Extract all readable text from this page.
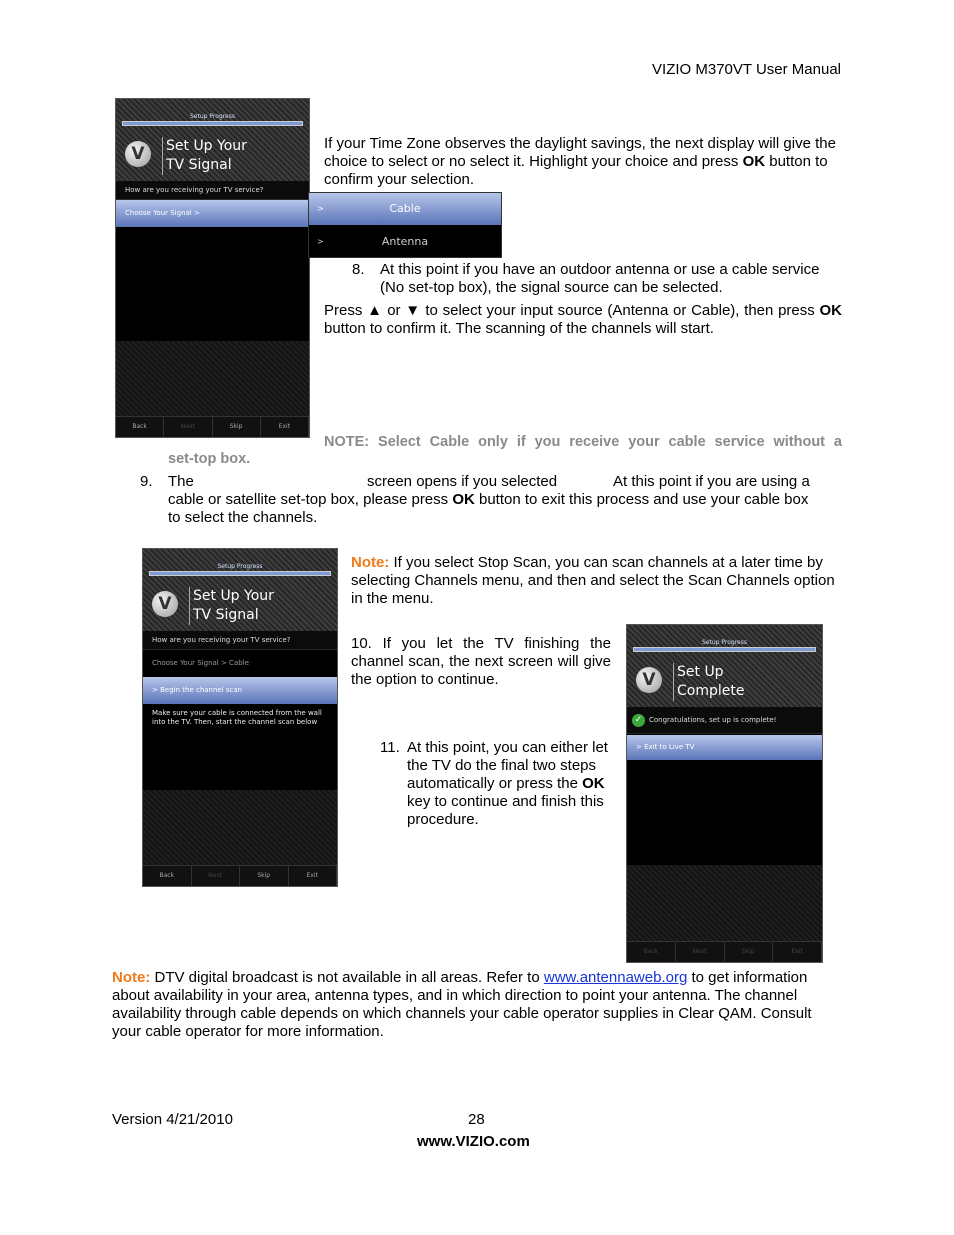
VIZIO M370VT User Manual
Setup Progress
V	Set Up Your
TV Signal
How are you receiving your TV service?
Choose Your Signal >
Back	Next	Skip	Exit
>	Cable
>	Antenna

If your Time Zone observes the daylight savings, the next display will give the choice to select or no select it. Highlight your choice and press OK button to confirm your selection.

8. At this point if you have an outdoor antenna or use a cable service (No set-top box), the signal source can be selected.

Press ▲ or ▼ to select your input source (Antenna or Cable), then press OK button to confirm it. The scanning of the channels will start.

NOTE: Select Cable only if you receive your cable service without a

set-top box.

9. The	screen opens if you selected	At this point if you are using a

cable or satellite set-top box, please press OK button to exit this process and use your cable box

to select the channels.
Setup Progress
V	Set Up Your
TV Signal
How are you receiving your TV service?
Choose Your Signal > Cable
> Begin the channel scan
Make sure your cable is connected from the wall into the TV. Then, start the channel scan below
Back	Next	Skip	Exit

Note: If you select Stop Scan, you can scan channels at a later time by selecting Channels menu, and then and select the Scan Channels option in the menu.

10. If you let the TV finishing the channel scan, the next screen will give the option to continue.

11. At this point, you can either let the TV do the final two steps automatically or press the OK key to continue and finish this procedure.

Setup Progress
V	Set Up
Complete
✓ Congratulations, set up is complete!
> Exit to Live TV
Back	Next	Skip	Exit

Note: DTV digital broadcast is not available in all areas. Refer to www.antennaweb.org to get information about availability in your area, antenna types, and in which direction to point your antenna. The channel availability through cable depends on which channels your cable operator supplies in Clear QAM. Consult your cable operator for more information.

Version 4/21/2010	28
www.VIZIO.com
